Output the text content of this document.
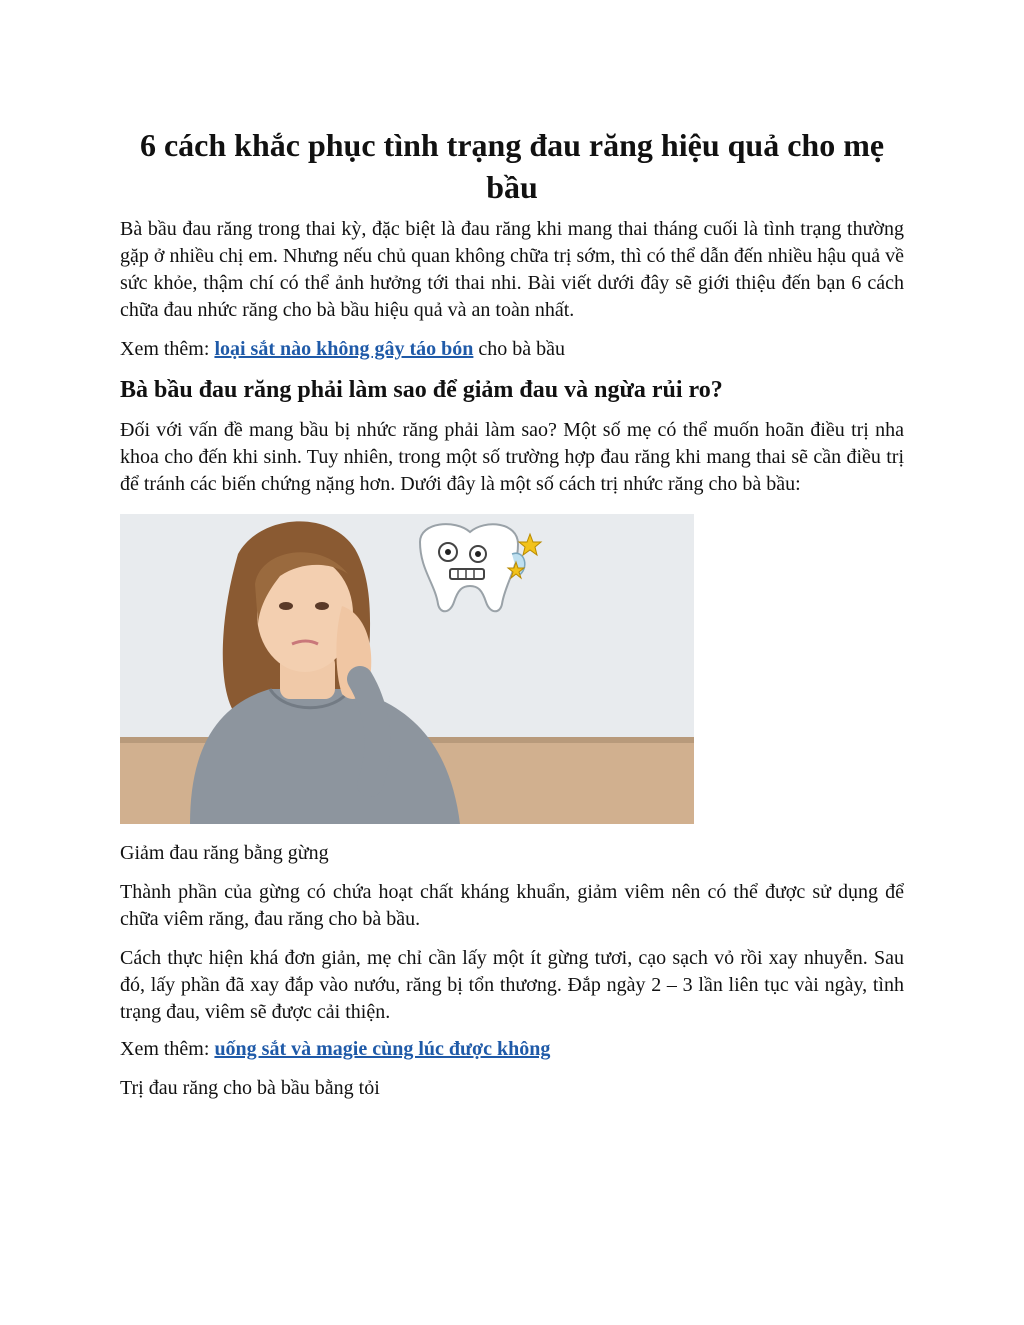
6 cách khắc phục tình trạng đau răng hiệu quả cho mẹ bầu

Bà bầu đau răng trong thai kỳ, đặc biệt là đau răng khi mang thai tháng cuối là tình trạng thường gặp ở nhiều chị em. Nhưng nếu chủ quan không chữa trị sớm, thì có thể dẫn đến nhiều hậu quả về sức khỏe, thậm chí có thể ảnh hưởng tới thai nhi. Bài viết dưới đây sẽ giới thiệu đến bạn 6 cách chữa đau nhức răng cho bà bầu hiệu quả và an toàn nhất.

Xem thêm: loại sắt nào không gây táo bón cho bà bầu

Bà bầu đau răng phải làm sao để giảm đau và ngừa rủi ro?

Đối với vấn đề mang bầu bị nhức răng phải làm sao? Một số mẹ có thể muốn hoãn điều trị nha khoa cho đến khi sinh. Tuy nhiên, trong một số trường hợp đau răng khi mang thai sẽ cần điều trị để tránh các biến chứng nặng hơn. Dưới đây là một số cách trị nhức răng cho bà bầu:

Giảm đau răng bằng gừng

Thành phần của gừng có chứa hoạt chất kháng khuẩn, giảm viêm nên có thể được sử dụng để chữa viêm răng, đau răng cho bà bầu.

Cách thực hiện khá đơn giản, mẹ chỉ cần lấy một ít gừng tươi, cạo sạch vỏ rồi xay nhuyễn. Sau đó, lấy phần đã xay đắp vào nướu, răng bị tổn thương. Đắp ngày 2 – 3 lần liên tục vài ngày, tình trạng đau, viêm sẽ được cải thiện.

Xem thêm: uống sắt và magie cùng lúc được không

Trị đau răng cho bà bầu bằng tỏi
